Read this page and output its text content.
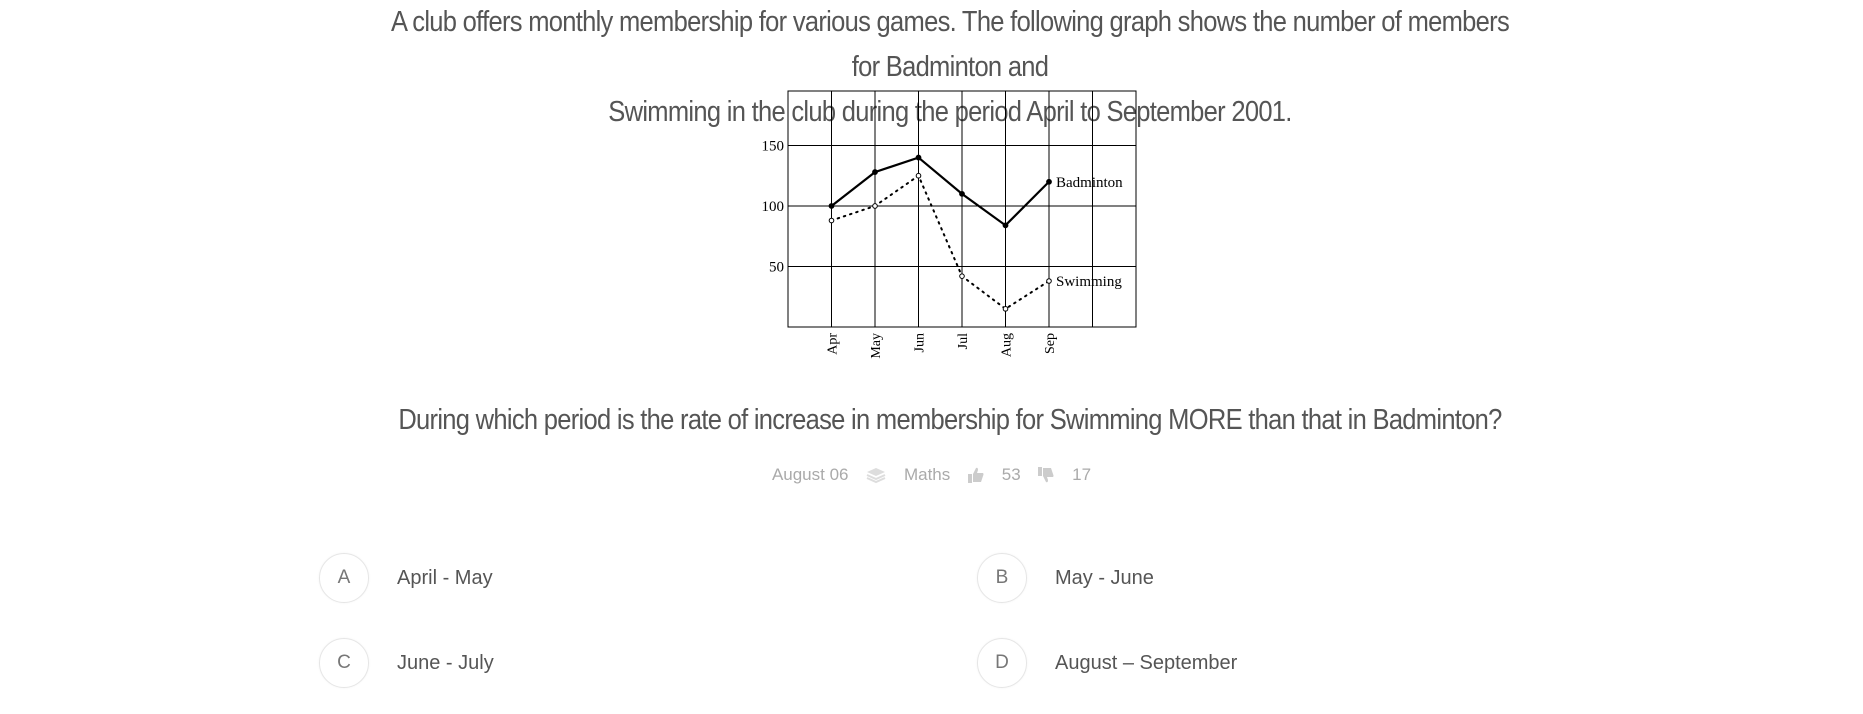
A club offers monthly membership for various games. The following graph shows the number of members for Badminton and
Swimming in the club during the period April to September 2001.
50
100
150
Apr May Jun Jul Aug Sep
Badminton
Swimming
During which period is the rate of increase in membership for Swimming MORE than that in Badminton?
August 06	Maths	53	17
A	April - May	B	May - June
C	June - July	D	August – September
